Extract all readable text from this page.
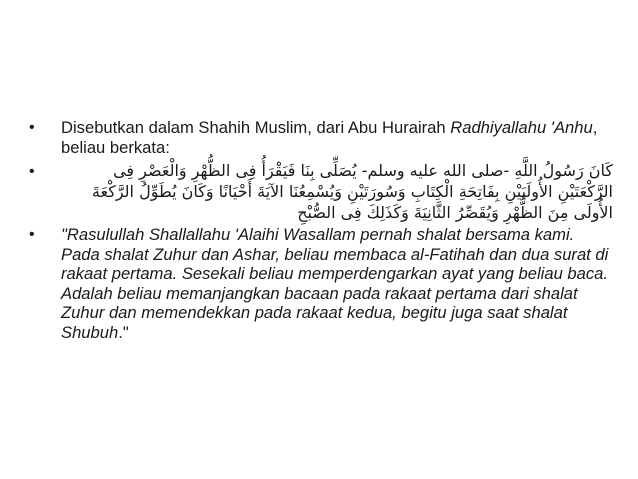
• Disebutkan dalam Shahih Muslim, dari Abu Hurairah Radhiyallahu 'Anhu, beliau berkata:
•	كَانَ رَسُولُ اللَّهِ -صلى الله عليه وسلم- يُصَلِّى بِنَا فَيَقْرَأُ فِى الظُّهْرِ وَالْعَصْرِ فِى الرَّكْعَتَيْنِ الأُولَيَيْنِ بِفَاتِحَةِ الْكِتَابِ وَسُورَتَيْنِ وَيُسْمِعُنَا الآيَةَ أَحْيَانًا وَكَانَ يُطَوِّلُ الرَّكْعَةَ الأُولَى مِنَ الظُّهْرِ وَيُقَصِّرُ الثَّانِيَةَ وَكَذَلِكَ فِى الصُّبْحِ
• "Rasulullah Shallallahu 'Alaihi Wasallam pernah shalat bersama kami. Pada shalat Zuhur dan Ashar, beliau membaca al-Fatihah dan dua surat di rakaat pertama. Sesekali beliau memperdengarkan ayat yang beliau baca. Adalah beliau memanjangkan bacaan pada rakaat pertama dari shalat Zuhur dan memendekkan pada rakaat kedua, begitu juga saat shalat Shubuh."
